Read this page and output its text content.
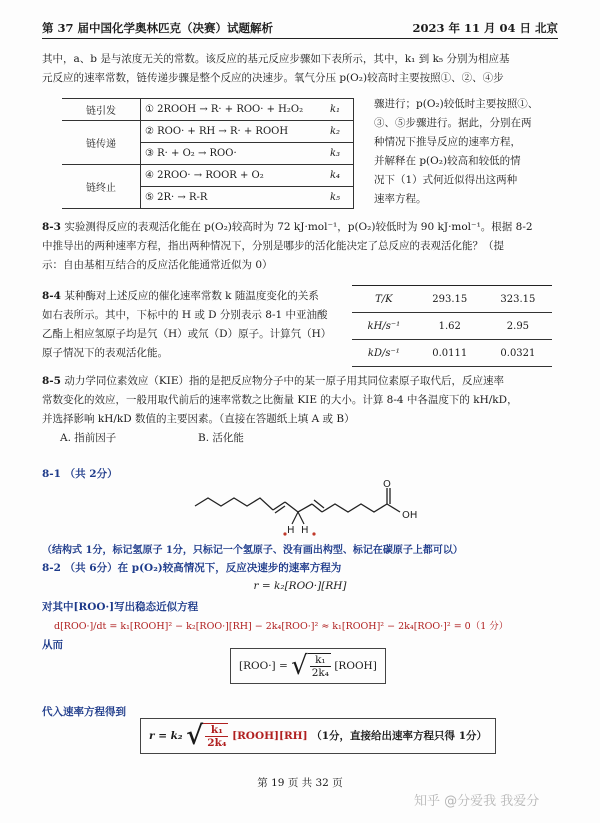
第 37 届中国化学奥林匹克（决赛）试题解析	2023 年 11 月 04 日 北京
其中，a、b 是与浓度无关的常数。该反应的基元反应步骤如下表所示，其中，k₁ 到 k₅ 分别为相应基
元反应的速率常数，链传递步骤是整个反应的决速步。氧气分压 p(O₂)较高时主要按照①、②、④步
链引发	① 2ROOH → R· + ROO· + H₂O₂	k₁
链传递	② ROO· + RH → R· + ROOH	k₂
	③ R· + O₂ → ROO·	k₃
链终止	④ 2ROO· → ROOR + O₂	k₄
	⑤ 2R· → R-R	k₅
骤进行；p(O₂)较低时主要按照①、
③、⑤步骤进行。据此，分别在两
种情况下推导反应的速率方程，
并解释在 p(O₂)较高和较低的情
况下（1）式何近似得出这两种
速率方程。
8-3 实验测得反应的表观活化能在 p(O₂)较高时为 72 kJ·mol⁻¹，p(O₂)较低时为 90 kJ·mol⁻¹。根据 8-2
中推导出的两种速率方程，指出两种情况下，分别是哪步的活化能决定了总反应的表观活化能？（提
示：自由基相互结合的反应活化能通常近似为 0）
8-4 某种酶对上述反应的催化速率常数 k 随温度变化的关系
如右表所示。其中，下标中的 H 或 D 分别表示 8-1 中亚油酸
乙酯上相应氢原子均是氕（H）或氘（D）原子。计算氕（H）
原子情况下的表观活化能。
T/K	293.15	323.15
kH/s⁻¹	1.62	2.95
kD/s⁻¹	0.0111	0.0321
8-5 动力学同位素效应（KIE）指的是把反应物分子中的某一原子用其同位素原子取代后，反应速率
常数变化的效应，一般用取代前后的速率常数之比衡量 KIE 的大小。计算 8-4 中各温度下的 kH/kD，
并选择影响 kH/kD 数值的主要因素。（直接在答题纸上填 A 或 B）
A. 指前因子	B. 活化能
8-1 （共 2分）
O
OH
H H
（结构式 1分，标记氢原子 1分，只标记一个氢原子、没有画出构型、标记在碳原子上都可以）
8-2 （共 6分）在 p(O₂)较高情况下，反应决速步的速率方程为
r = k₂[ROO·][RH]
对其中[ROO·]写出稳态近似方程
d[ROO·]/dt = k₁[ROOH]² − k₂[ROO·][RH] − 2k₄[ROO·]² ≈ k₁[ROOH]² − 2k₄[ROO·]² = 0（1 分）
从而
[ROO·] = √ $\frac{\text{k₁}}{\text{2k₄}}$ [ROOH]
代入速率方程得到
r = k₂ √ $\frac{\text{k₁}}{\text{2k₄}}$ [ROOH][RH] （1分，直接给出速率方程只得 1分）
第 19 页 共 32 页
知乎 @分爱我 我爱分
